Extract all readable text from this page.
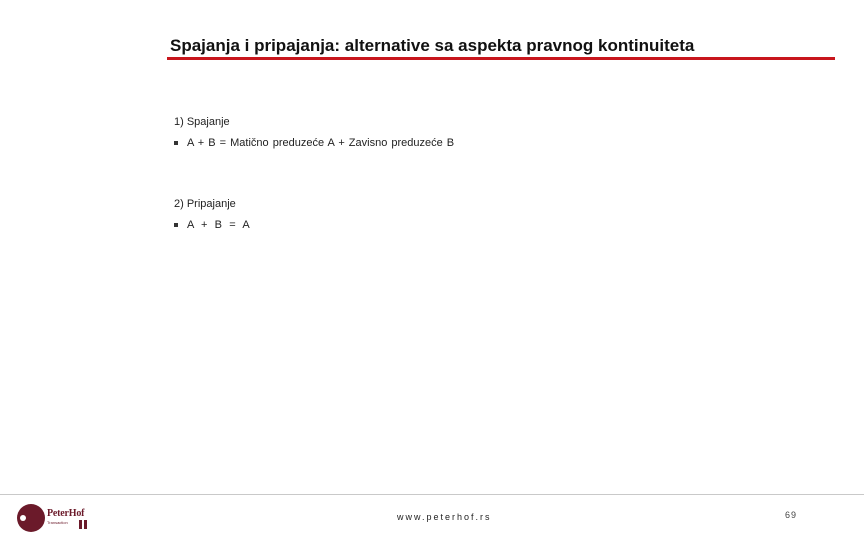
Spajanja i pripajanja: alternative sa aspekta pravnog kontinuiteta
1) Spajanje
A + B = Matično preduzeće A + Zavisno preduzeće B
2) Pripajanje
A + B = A
PeterHof
Transaction
www.peterhof.rs	69
